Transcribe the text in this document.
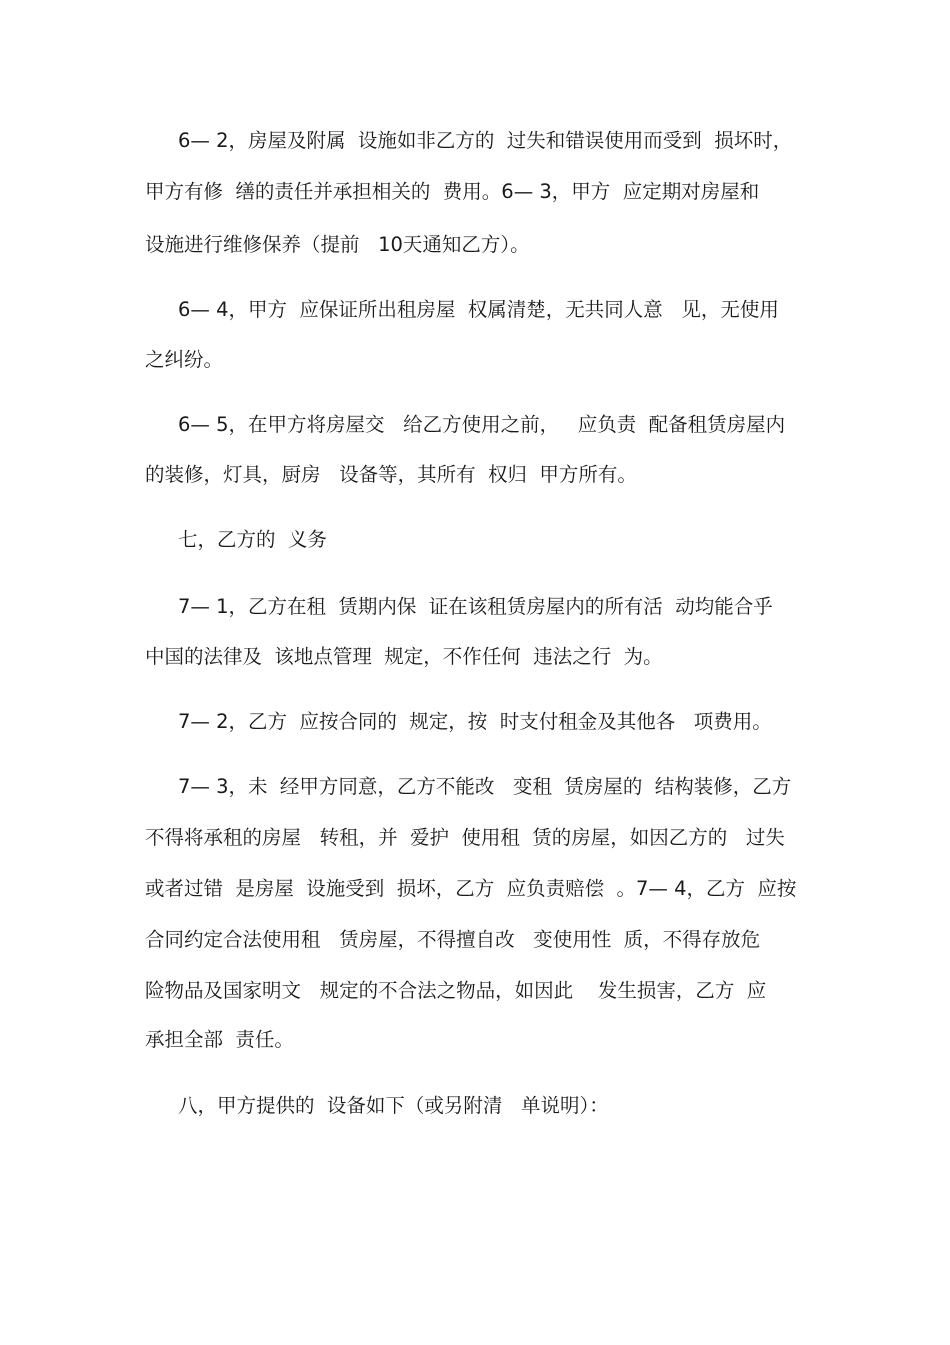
6— 2，房屋及附属  设施如非乙方的  过失和错误使用而受到  损坏时，

甲方有修  缮的责任并承担相关的  费用。6— 3，甲方  应定期对房屋和

设施进行维修保养（提前   10天通知乙方）。

6— 4，甲方  应保证所出租房屋  权属清楚，无共同人意   见，无使用

之纠纷。

6— 5，在甲方将房屋交   给乙方使用之前，   应负责  配备租赁房屋内

的装修，灯具，厨房   设备等，其所有  权归  甲方所有。

七，乙方的  义务

7— 1，乙方在租  赁期内保  证在该租赁房屋内的所有活  动均能合乎

中国的法律及  该地点管理  规定，不作任何  违法之行  为。

7— 2，乙方  应按合同的  规定，按  时支付租金及其他各   项费用。

7— 3，未  经甲方同意，乙方不能改   变租  赁房屋的  结构装修，乙方

不得将承租的房屋   转租，并  爱护  使用租  赁的房屋，如因乙方的   过失

或者过错  是房屋  设施受到  损坏，乙方  应负责赔偿  。7— 4，乙方  应按

合同约定合法使用租   赁房屋，不得擅自改   变使用性  质，不得存放危

险物品及国家明文   规定的不合法之物品，如因此    发生损害，乙方  应

承担全部  责任。

八，甲方提供的  设备如下（或另附清   单说明）：
